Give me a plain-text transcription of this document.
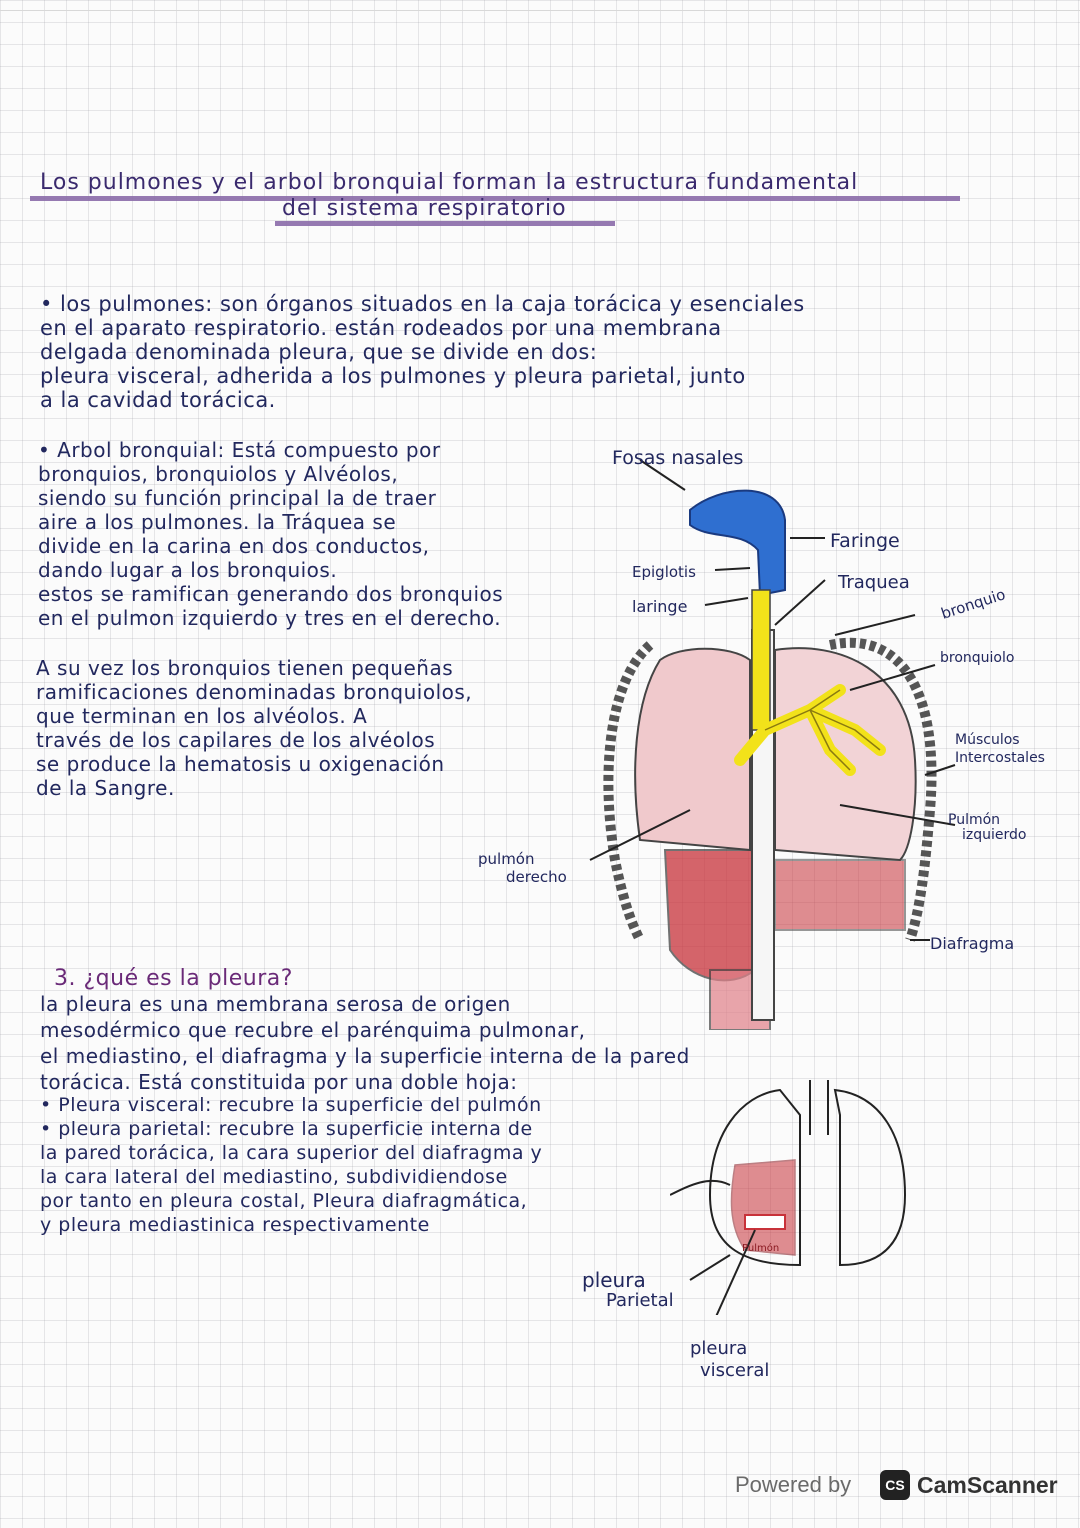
Los pulmones y el arbol bronquial forman la estructura fundamental
del sistema respiratorio
• los pulmones: son órganos situados en la caja torácica y esenciales
en el aparato respiratorio. están rodeados por una membrana
delgada denominada pleura, que se divide en dos:
pleura visceral, adherida a los pulmones y pleura parietal, junto
a la cavidad torácica.
• Arbol bronquial: Está compuesto por
bronquios, bronquiolos y Alvéolos,
siendo su función principal la de traer
aire a los pulmones. la Tráquea se
divide en la carina en dos conductos,
dando lugar a los bronquios.
estos se ramifican generando dos bronquios
en el pulmon izquierdo y tres en el derecho.
A su vez los bronquios tienen pequeñas
ramificaciones denominadas bronquiolos,
que terminan en los alvéolos. A
través de los capilares de los alvéolos
se produce la hematosis u oxigenación
de la Sangre.
Fosas nasales
Faringe
Epiglotis
laringe
Traquea
bronquio
bronquiolo
Músculos
Intercostales
Pulmón
izquierdo
pulmón
derecho
Diafragma
3. ¿qué es la pleura?
la pleura es una membrana serosa de origen
mesodérmico que recubre el parénquima pulmonar,
el mediastino, el diafragma y la superficie interna de la pared
torácica. Está constituida por una doble hoja:
• Pleura visceral: recubre la superficie del pulmón
• pleura parietal: recubre la superficie interna de
la pared torácica, la cara superior del diafragma y
la cara lateral del mediastino, subdividiendose
por tanto en pleura costal, Pleura diafragmática,
y pleura mediastinica respectivamente
Pulmón
pleura
Parietal
pleura
visceral
Powered by	CS CamScanner
